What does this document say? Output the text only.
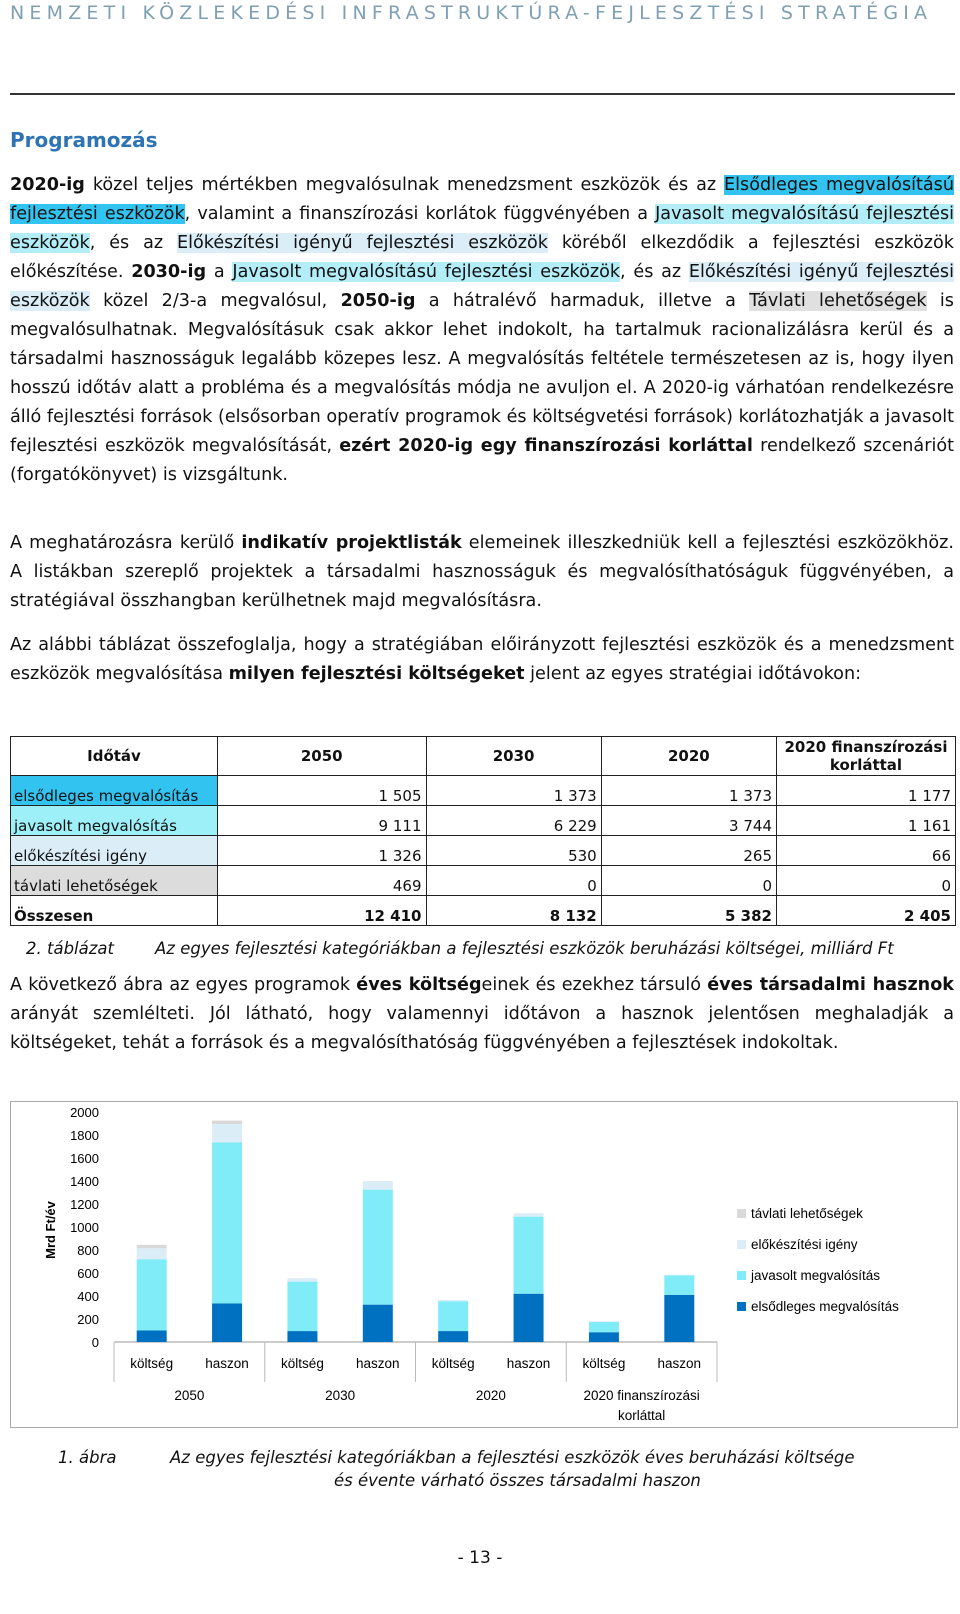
NEMZETI KÖZLEKEDÉSI INFRASTRUKTÚRA-FEJLESZTÉSI STRATÉGIA
Programozás
2020-ig közel teljes mértékben megvalósulnak menedzsment eszközök és az Elsődleges megvalósítású fejlesztési eszközök, valamint a finanszírozási korlátok függvényében a Javasolt megvalósítású fejlesztési eszközök, és az Előkészítési igényű fejlesztési eszközök köréből elkezdődik a fejlesztési eszközök előkészítése. 2030-ig a Javasolt megvalósítású fejlesztési eszközök, és az Előkészítési igényű fejlesztési eszközök közel 2/3-a megvalósul, 2050-ig a hátralévő harmaduk, illetve a Távlati lehetőségek is megvalósulhatnak. Megvalósításuk csak akkor lehet indokolt, ha tartalmuk racionalizálásra kerül és a társadalmi hasznosságuk legalább közepes lesz. A megvalósítás feltétele természetesen az is, hogy ilyen hosszú időtáv alatt a probléma és a megvalósítás módja ne avuljon el. A 2020-ig várhatóan rendelkezésre álló fejlesztési források (elsősorban operatív programok és költségvetési források) korlátozhatják a javasolt fejlesztési eszközök megvalósítását, ezért 2020-ig egy finanszírozási korláttal rendelkező szcenáriót (forgatókönyvet) is vizsgáltunk.
A meghatározásra kerülő indikatív projektlisták elemeinek illeszkedniük kell a fejlesztési eszközökhöz. A listákban szereplő projektek a társadalmi hasznosságuk és megvalósíthatóságuk függvényében, a stratégiával összhangban kerülhetnek majd megvalósításra.
Az alábbi táblázat összefoglalja, hogy a stratégiában előirányzott fejlesztési eszközök és a menedzsment eszközök megvalósítása milyen fejlesztési költségeket jelent az egyes stratégiai időtávokon:
Időtáv	2050	2030	2020	2020 finanszírozási korláttal
elsődleges megvalósítás	1 505	1 373	1 373	1 177
javasolt megvalósítás	9 111	6 229	3 744	1 161
előkészítési igény	1 326	530	265	66
távlati lehetőségek	469	0	0	0
Összesen	12 410	8 132	5 382	2 405
2. táblázat Az egyes fejlesztési kategóriákban a fejlesztési eszközök beruházási költségei, milliárd Ft
A következő ábra az egyes programok éves költségeinek és ezekhez társuló éves társadalmi hasznok arányát szemlélteti. Jól látható, hogy valamennyi időtávon a hasznok jelentősen meghaladják a költségeket, tehát a források és a megvalósíthatóság függvényében a fejlesztések indokoltak.
0
200
400
600
800
1000
1200
1400
1600
1800
2000
Mrd Ft/év
költség haszon költség haszon költség haszon költség haszon
2050	2030	2020	2020 finanszírozási
korláttal
távlati lehetőségek
előkészítési igény
javasolt megvalósítás
elsődleges megvalósítás
1. ábra	Az egyes fejlesztési kategóriákban a fejlesztési eszközök éves beruházási költsége
és évente várható összes társadalmi haszon
- 13 -
